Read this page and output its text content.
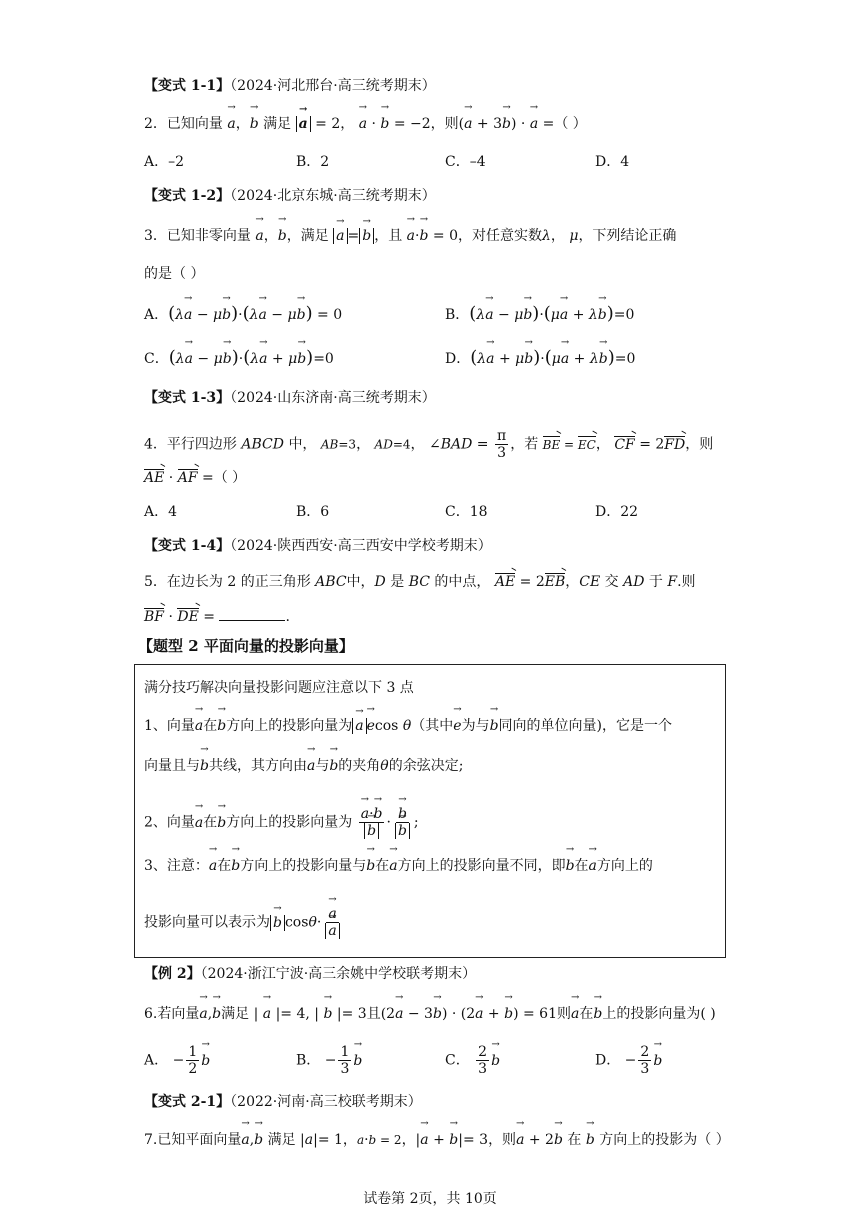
【变式 1-1】（2024·河北邢台·高三统考期末）
2．已知向量 → a，→ b 满足 → a = 2， → a · → b = −2，则(→ a + 3→ b) · → a =（ ）
A．–2	B．2	C．–4	D．4
【变式 1-2】（2024·北京东城·高三统考期末）
3．已知非零向量 → a，→ b，满足 → a =→ b ，且 → a·→ b = 0，对任意实数λ， μ，下列结论正确
的是（ ）
A．(λ→ a − μ→ b)·(λ→ a − μ→ b) = 0	B．(λ→ a − μ→ b)·(μ→ a + λ→ b)=0
C．(λ→ a − μ→ b)·(λ→ a + μ→ b)=0	D．(λ→ a + μ→ b)·(μ→ a + λ→ b)=0
【变式 1-3】（2024·山东济南·高三统考期末）
4．平行四边形 ABCD 中， AB=3， AD=4， ∠BAD = $\frac{\pi}{3}$ ，若 BE = EC， CF = 2FD，则
AE · AF =（ ）
A．4	B．6	C．18	D．22
【变式 1-4】（2024·陕西西安·高三西安中学校考期末）
5．在边长为 2 的正三角形 ABC中，D 是 BC 的中点， AE = 2EB，CE 交 AD 于 F.则
BF · DE =	.
【题型 2 平面向量的投影向量】
满分技巧解决向量投影问题应注意以下 3 点
1、向量→ a在→ b方向上的投影向量为→ a→ ecos θ（其中→ e为与→ b同向的单位向量)，它是一个
向量且与→ b共线，其方向由→ a与→ b的夹角θ的余弦决定;
2、向量→ a在→ b方向上的投影向量为
→ a·→ b
→ b ·
→ b
→ b ;
3、注意：→ a在→ b方向上的投影向量与→ b在→ a方向上的投影向量不同，即→ b在→ a方向上的
投影向量可以表示为→ b cosθ·
→ a
→ a
【例 2】（2024·浙江宁波·高三余姚中学校联考期末）
6.若向量→ a,→ b满足 | → a |= 4, | → b |= 3且(2→ a − 3→ b) · (2→ a + → b) = 61则→ a在→ b上的投影向量为( )
A． − $\frac{1}{2}$
→ b	B． − $\frac{1}{3}$
→ b	C． $\frac{2}{3}$
→ b	D． − $\frac{2}{3}$
→ b
【变式 2-1】（2022·河南·高三校联考期末）
7.已知平面向量→ a,→ b 满足 |a|= 1，a·b = 2，|→ a + → b|= 3，则→ a + 2→ b 在 → b 方向上的投影为（ ）
试卷第 2页，共 10页
